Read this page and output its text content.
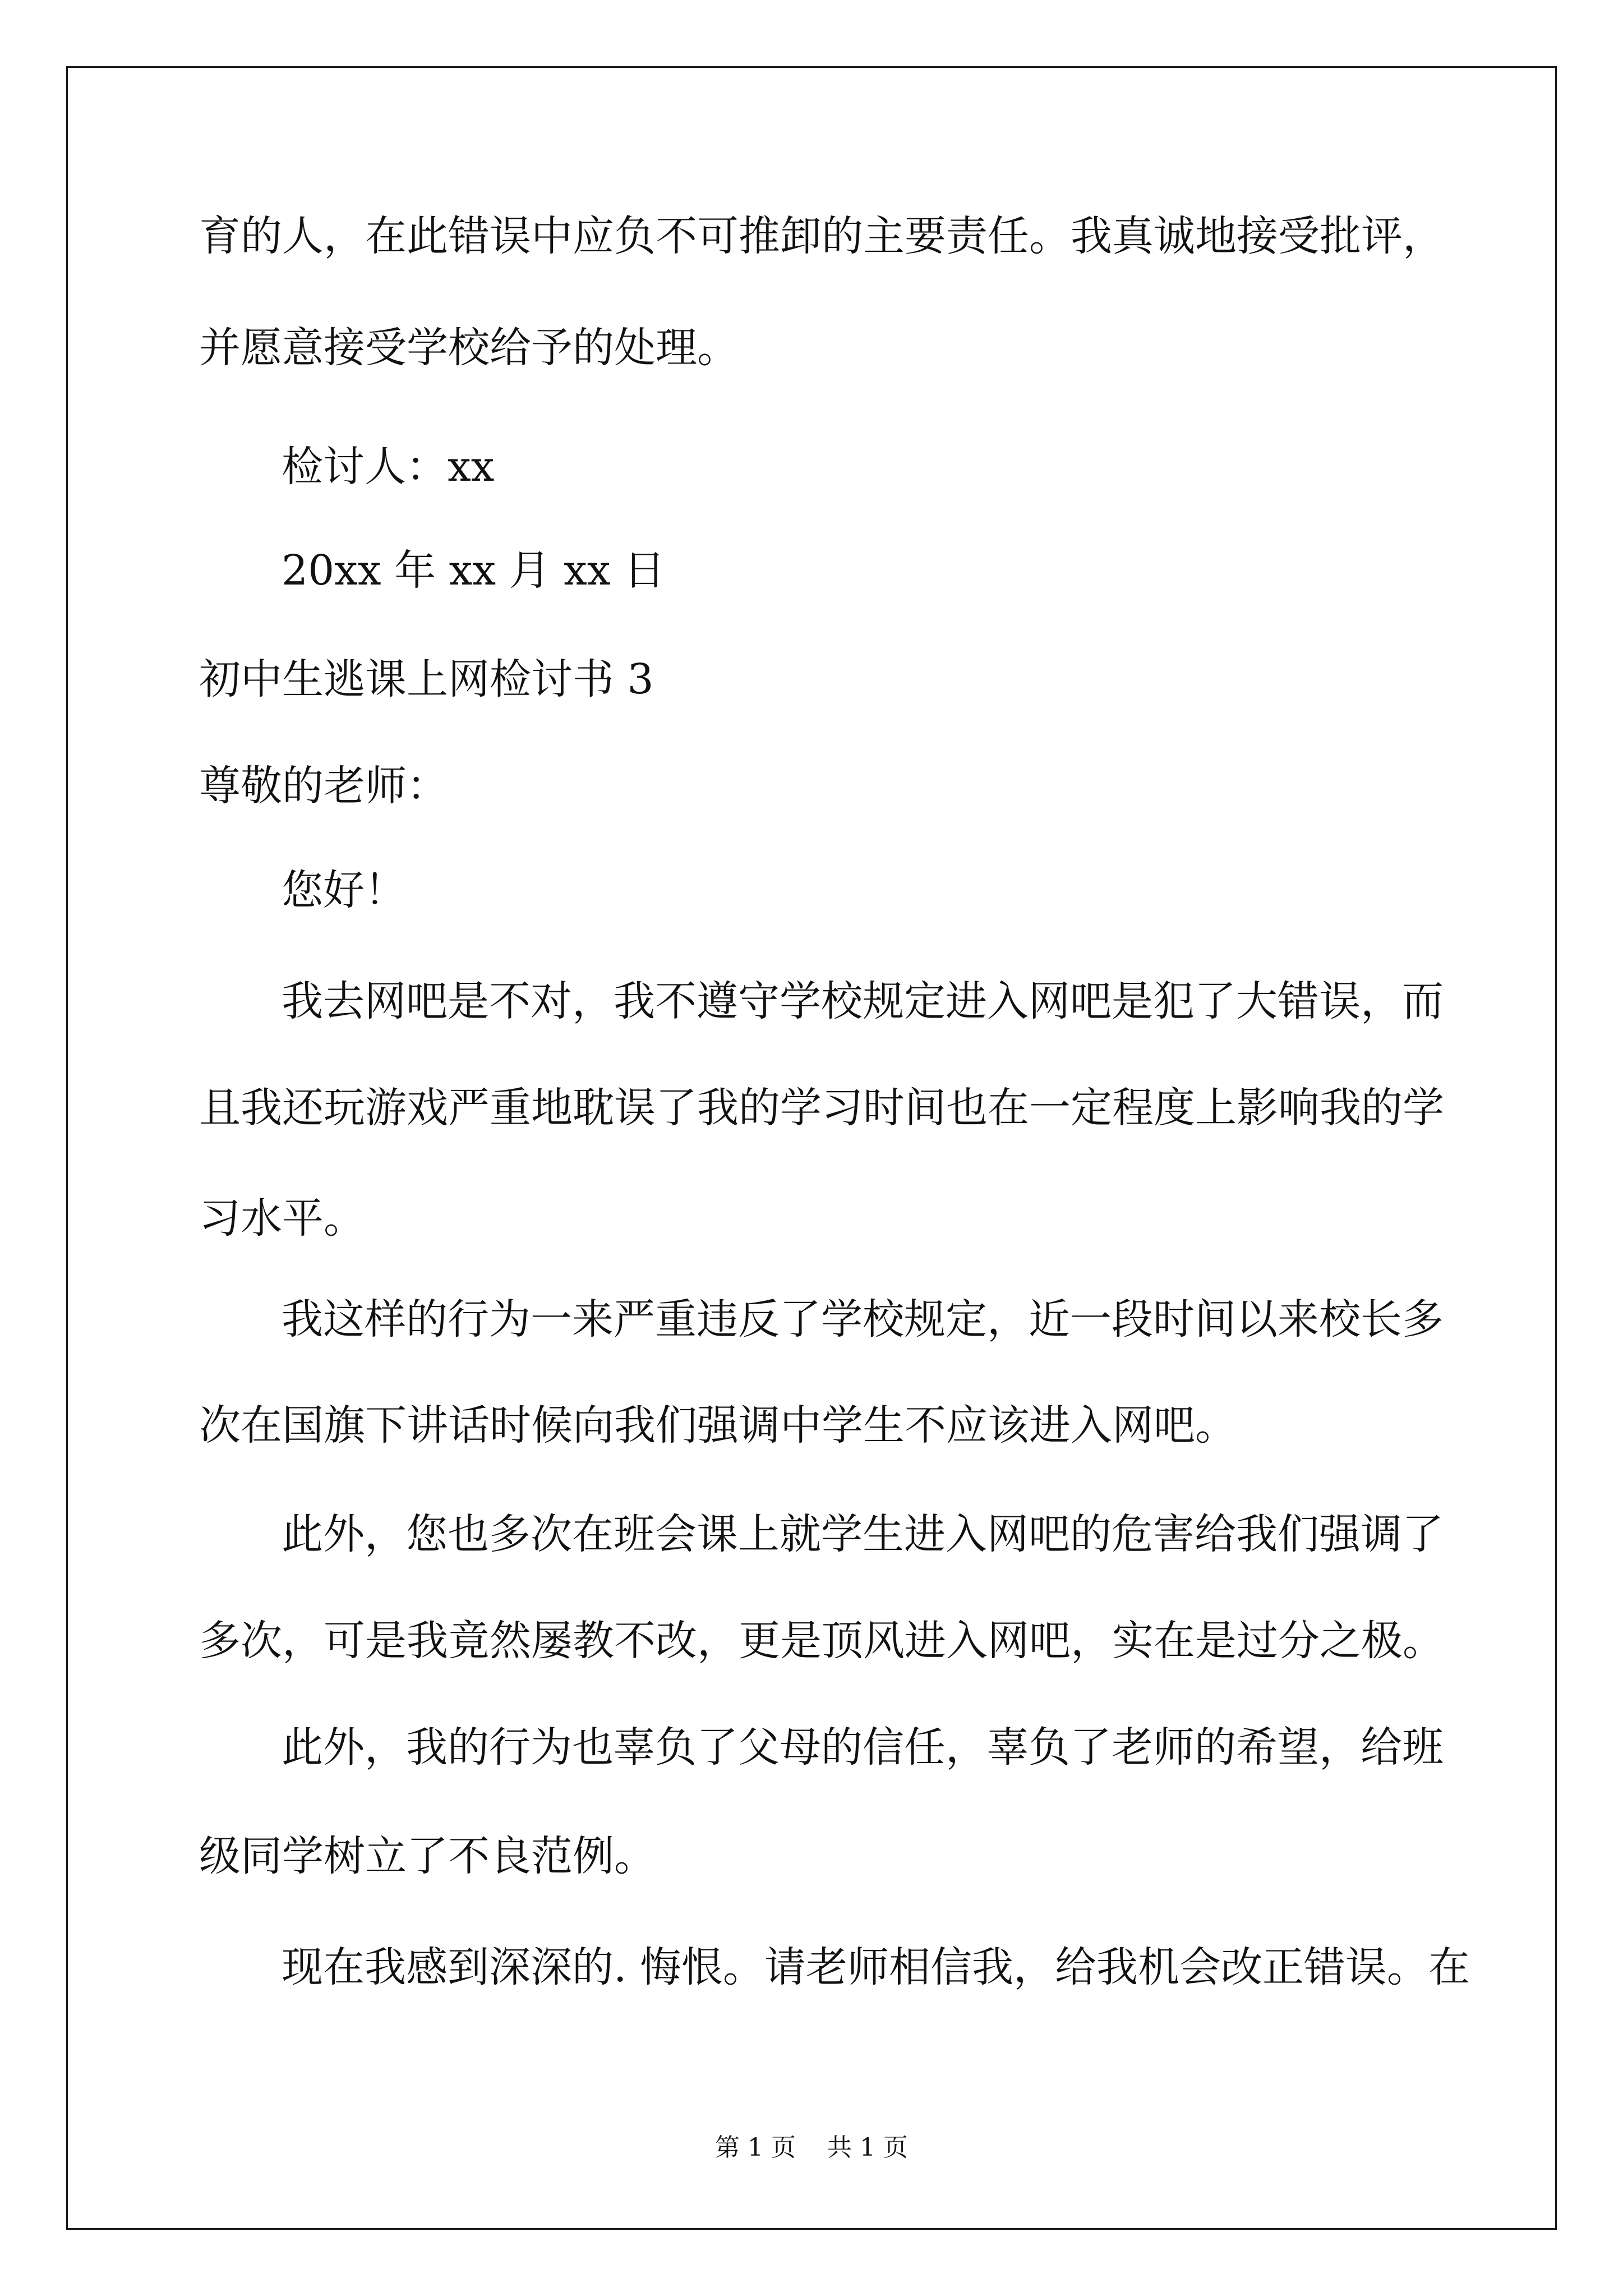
育的人，在此错误中应负不可推卸的主要责任。我真诚地接受批评，
并愿意接受学校给予的处理。
检讨人：xx
20xx 年 xx 月 xx 日
初中生逃课上网检讨书 3
尊敬的老师：
您好！
我去网吧是不对，我不遵守学校规定进入网吧是犯了大错误，而
且我还玩游戏严重地耽误了我的学习时间也在一定程度上影响我的学
习水平。
我这样的行为一来严重违反了学校规定，近一段时间以来校长多
次在国旗下讲话时候向我们强调中学生不应该进入网吧。
此外，您也多次在班会课上就学生进入网吧的危害给我们强调了
多次，可是我竟然屡教不改，更是顶风进入网吧，实在是过分之极。
此外，我的行为也辜负了父母的信任，辜负了老师的希望，给班
级同学树立了不良范例。
现在我感到深深的. 悔恨。请老师相信我，给我机会改正错误。在
第 1 页    共 1 页
